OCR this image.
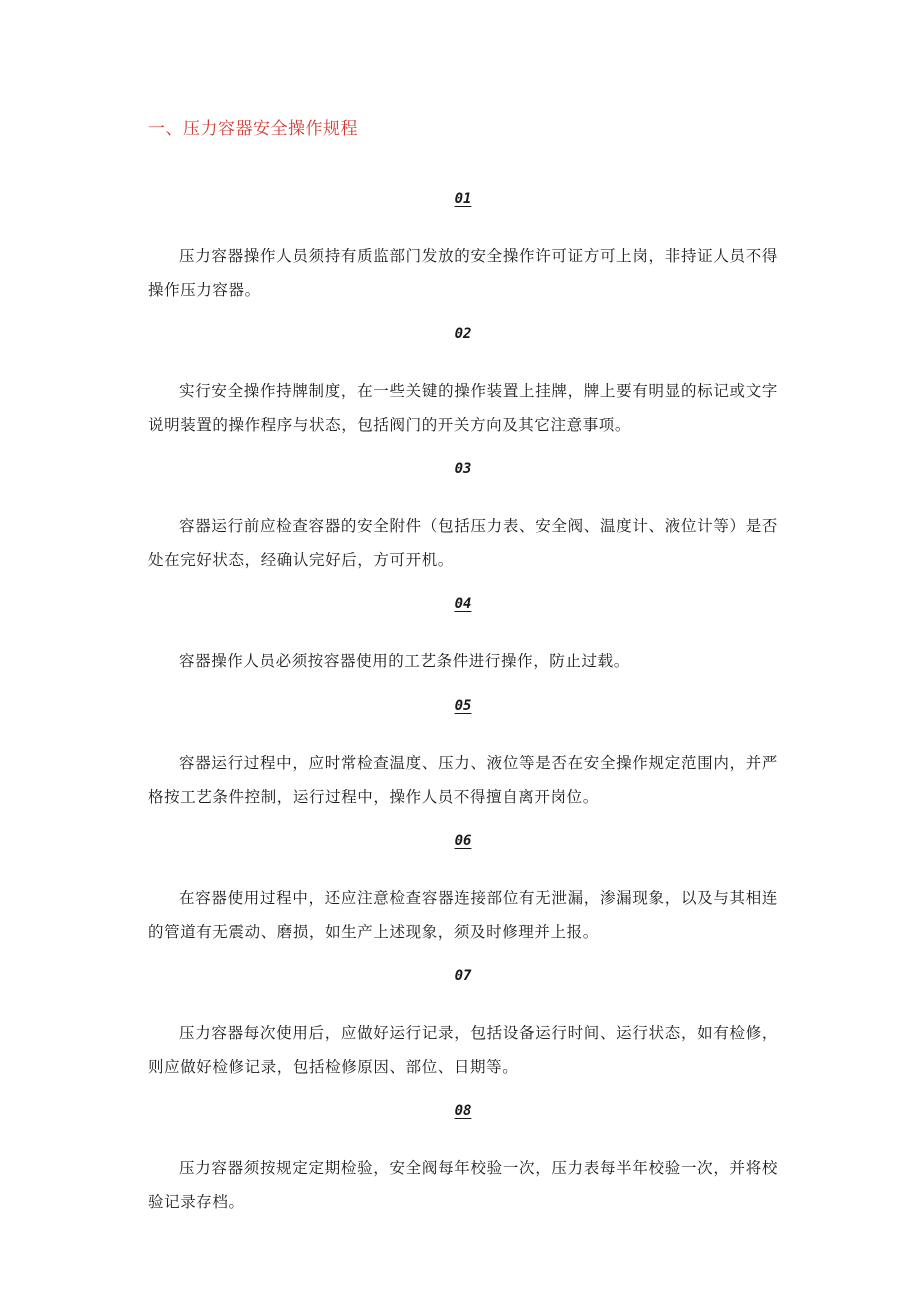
一、压力容器安全操作规程
01
压力容器操作人员须持有质监部门发放的安全操作许可证方可上岗，非持证人员不得操作压力容器。
02
实行安全操作持牌制度，在一些关键的操作装置上挂牌，牌上要有明显的标记或文字说明装置的操作程序与状态，包括阀门的开关方向及其它注意事项。
03
容器运行前应检查容器的安全附件（包括压力表、安全阀、温度计、液位计等）是否处在完好状态，经确认完好后，方可开机。
04
容器操作人员必须按容器使用的工艺条件进行操作，防止过载。
05
容器运行过程中，应时常检查温度、压力、液位等是否在安全操作规定范围内，并严格按工艺条件控制，运行过程中，操作人员不得擅自离开岗位。
06
在容器使用过程中，还应注意检查容器连接部位有无泄漏，渗漏现象，以及与其相连的管道有无震动、磨损，如生产上述现象，须及时修理并上报。
07
压力容器每次使用后，应做好运行记录，包括设备运行时间、运行状态，如有检修，则应做好检修记录，包括检修原因、部位、日期等。
08
压力容器须按规定定期检验，安全阀每年校验一次，压力表每半年校验一次，并将校验记录存档。
